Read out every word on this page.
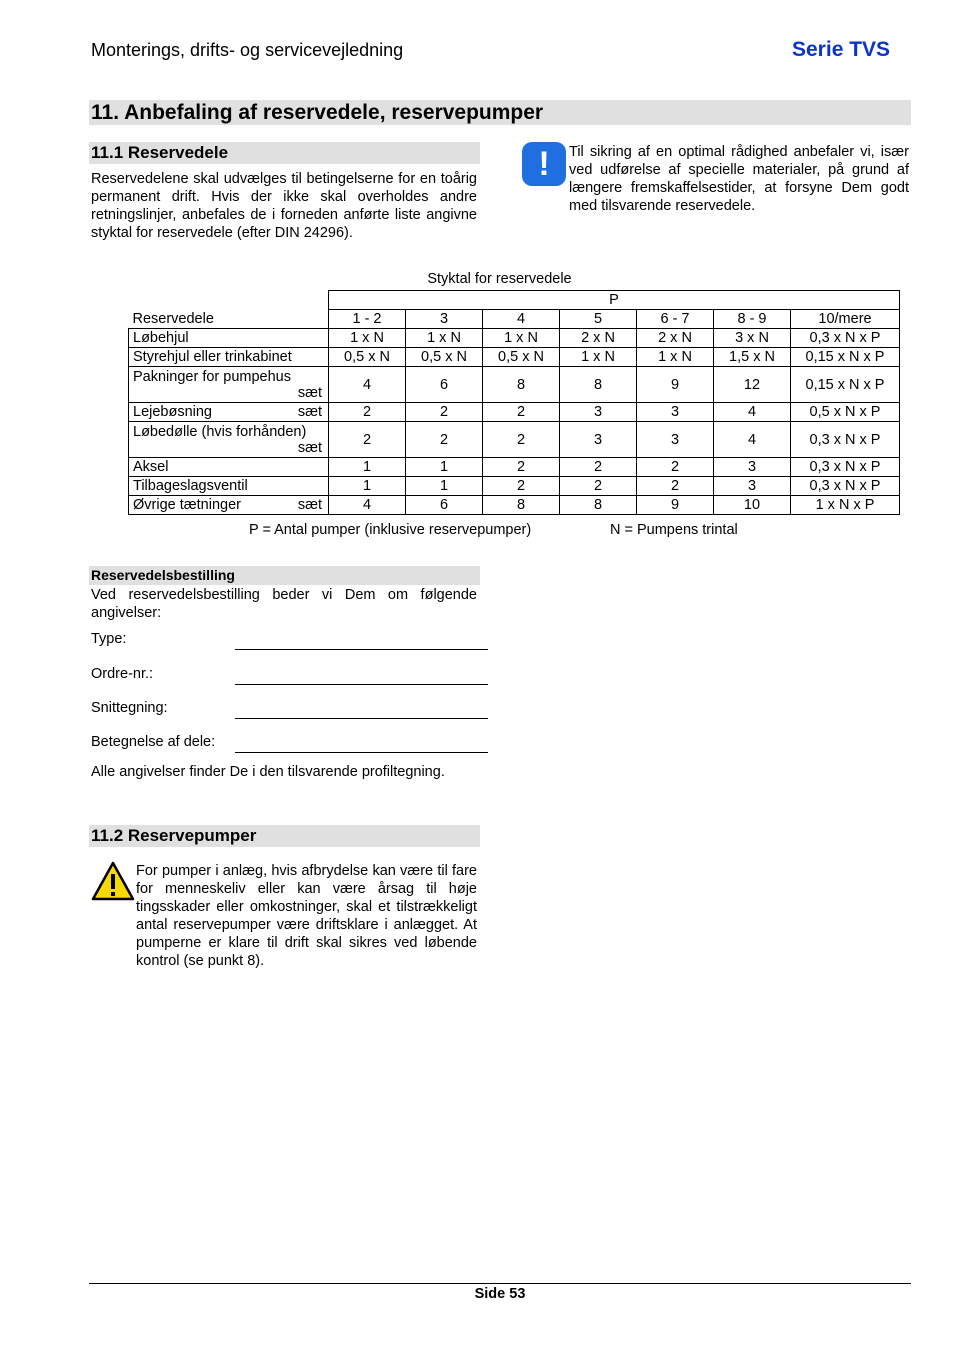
Monterings, drifts- og servicevejledning	Serie TVS
11. Anbefaling af reservedele, reservepumper
11.1 Reservedele
Reservedelene skal udvælges til betingelserne for en toårig permanent drift. Hvis der ikke skal overholdes andre retningslinjer, anbefales de i forneden anførte liste angivne styktal for reservedele (efter DIN 24296).
!	Til sikring af en optimal rådighed anbefaler vi, især ved udførelse af specielle materialer, på grund af længere fremskaffelsestider, at forsyne Dem godt med tilsvarende reservedele.
Styktal for reservedele
	P						
Reservedele	1 - 2	3	4	5	6 - 7	8 - 9	10/mere
Løbehjul	1 x N	1 x N	1 x N	2 x N	2 x N	3 x N	0,3 x N x P
Styrehjul eller trinkabinet	0,5 x N	0,5 x N	0,5 x N	1 x N	1 x N	1,5 x N	0,15 x N x P
Pakninger for pumpehus
sæt	4	6	8	8	9	12	0,15 x N x P
Lejebøsning sæt	2	2	2	3	3	4	0,5 x N x P
Løbedølle (hvis forhånden)
sæt	2	2	2	3	3	4	0,3 x N x P
Aksel	1	1	2	2	2	3	0,3 x N x P
Tilbageslagsventil	1	1	2	2	2	3	0,3 x N x P
Øvrige tætninger sæt	4	6	8	8	9	10	1 x N x P
P = Antal pumper (inklusive reservepumper)	N = Pumpens trintal
Reservedelsbestilling
Ved reservedelsbestilling beder vi Dem om følgende angivelser:
Type:
Ordre-nr.:
Snittegning:
Betegnelse af dele:
Alle angivelser finder De i den tilsvarende profiltegning.
11.2 Reservepumper
For pumper i anlæg, hvis afbrydelse kan være til fare for menneskeliv eller kan være årsag til høje tingsskader eller omkostninger, skal et tilstrækkeligt antal reservepumper være driftsklare i anlægget. At pumperne er klare til drift skal sikres ved løbende kontrol (se punkt 8).
Side 53
